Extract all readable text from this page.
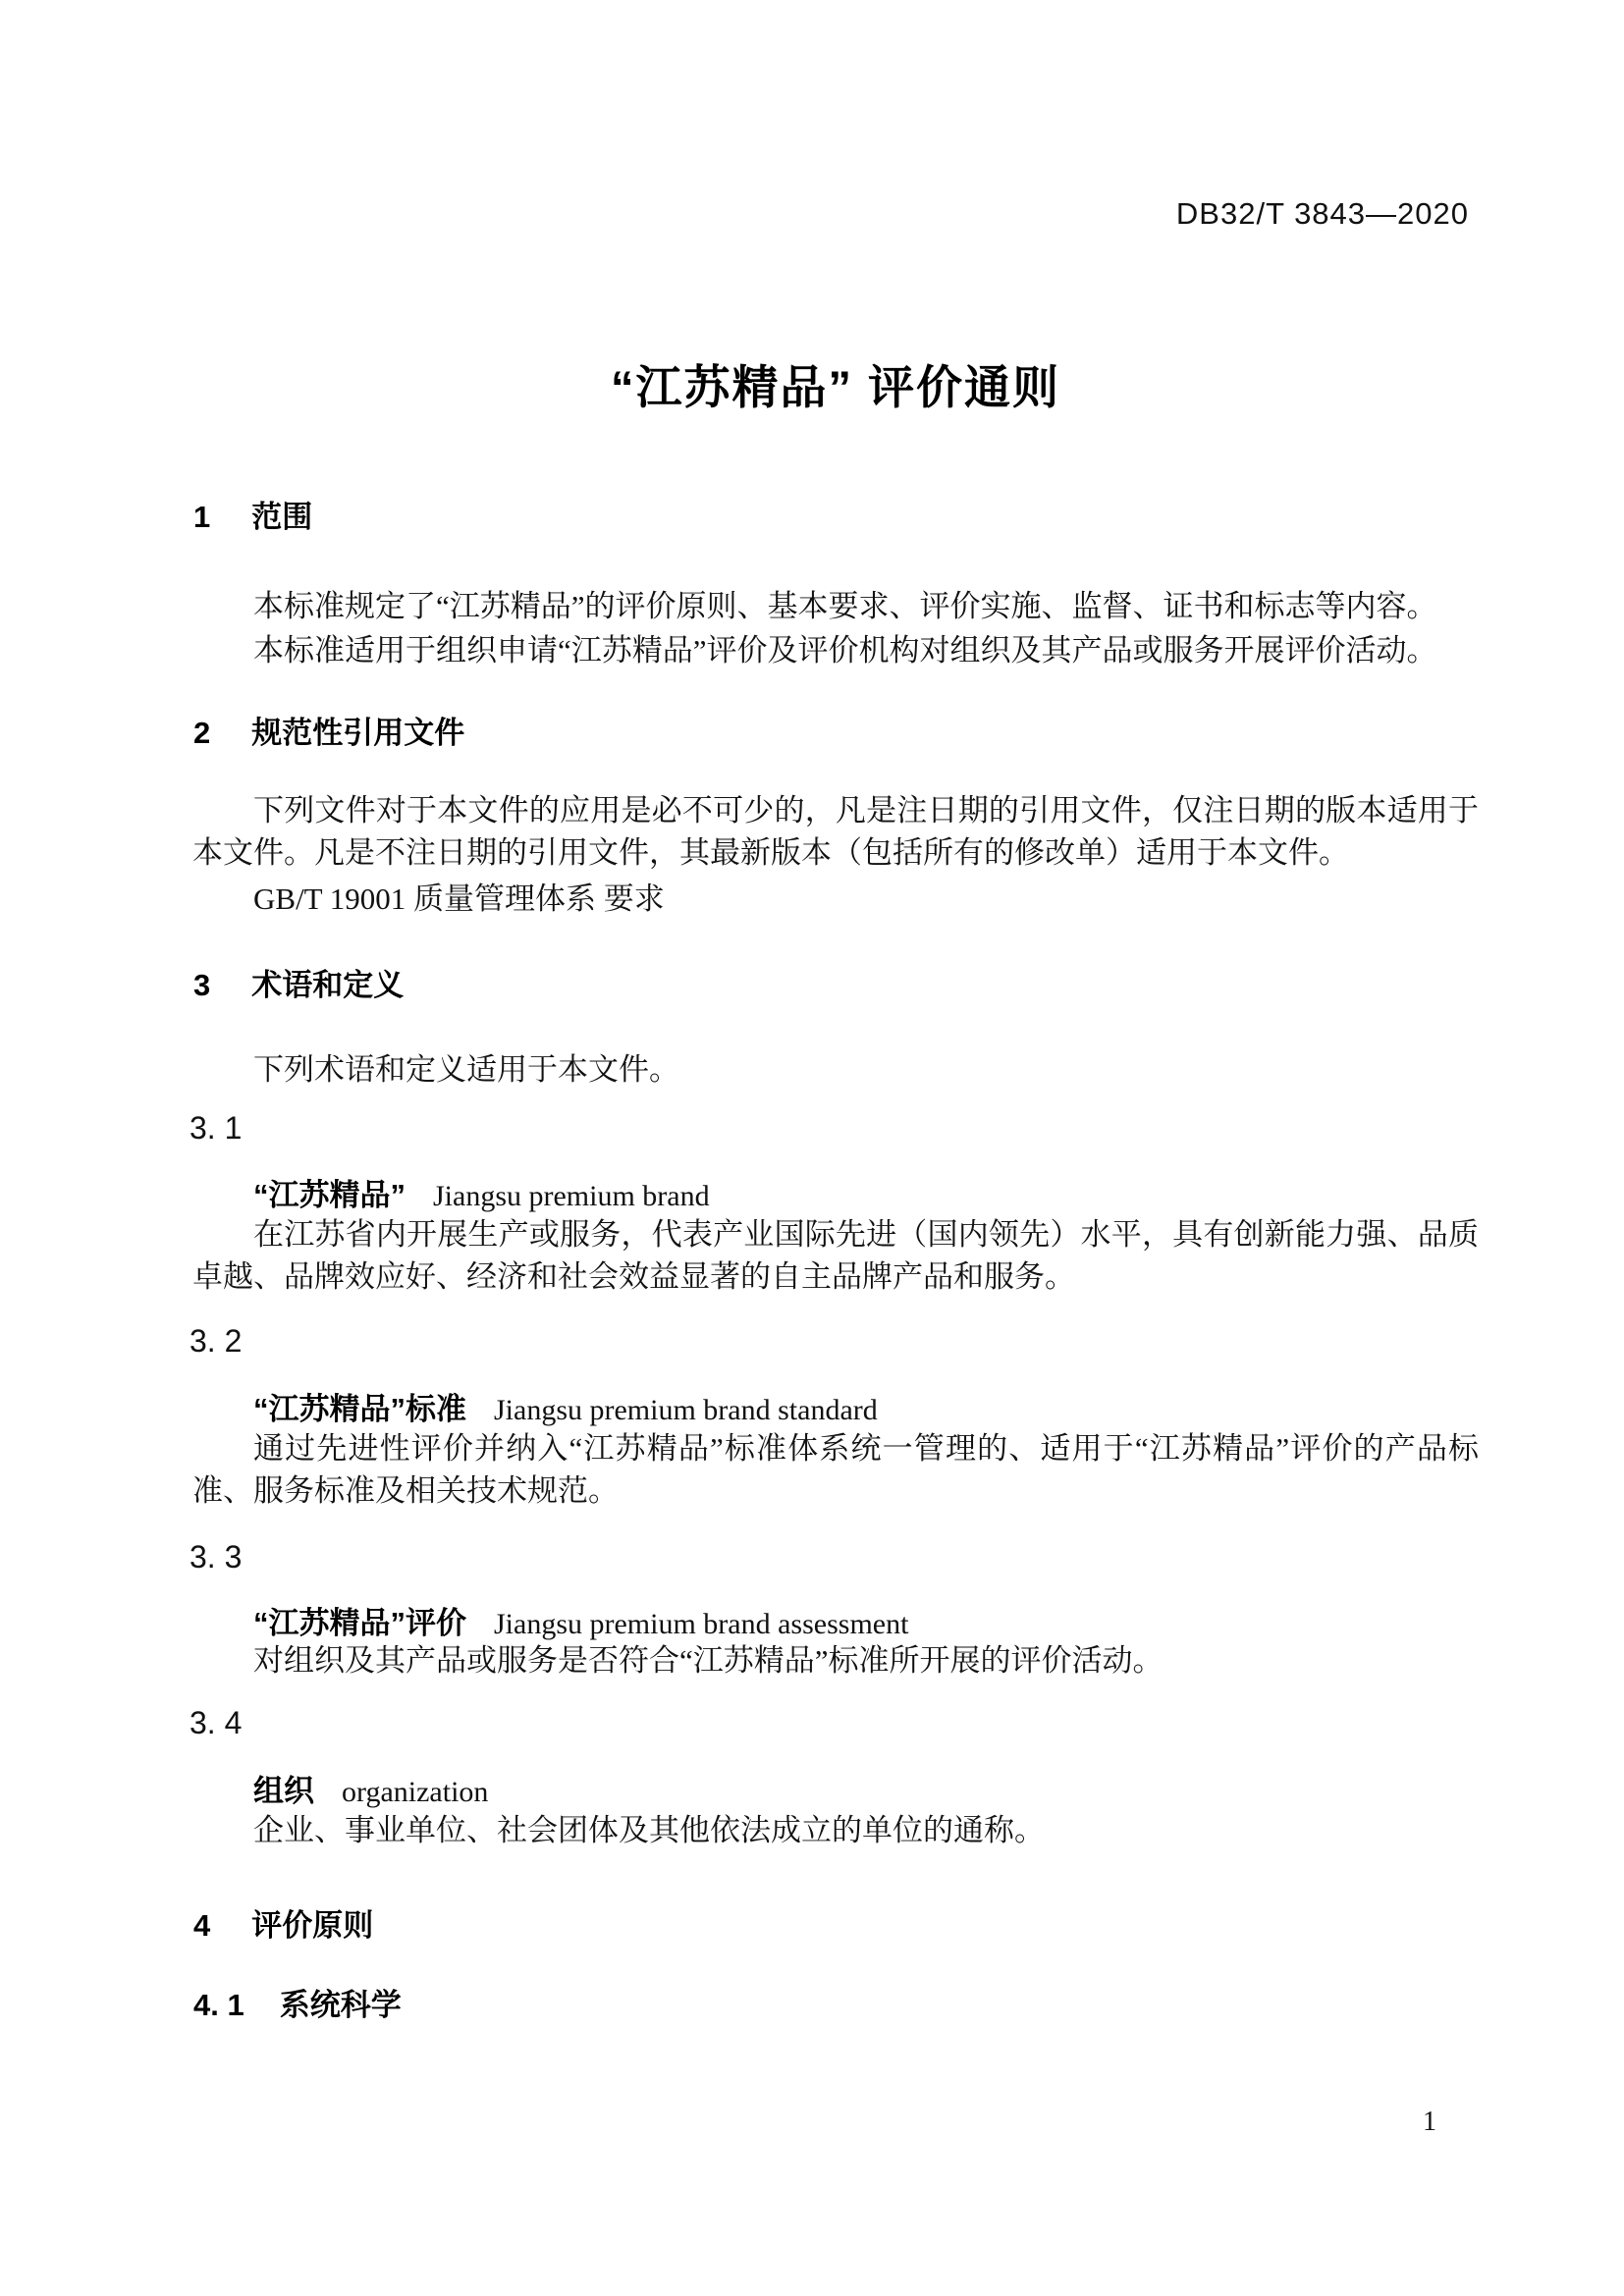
DB32/T 3843—2020
“江苏精品” 评价通则
1 范围
本标准规定了“江苏精品”的评价原则、基本要求、评价实施、监督、证书和标志等内容。
本标准适用于组织申请“江苏精品”评价及评价机构对组织及其产品或服务开展评价活动。
2 规范性引用文件
下列文件对于本文件的应用是必不可少的，凡是注日期的引用文件，仅注日期的版本适用于本文件。凡是不注日期的引用文件，其最新版本（包括所有的修改单）适用于本文件。
GB/T 19001 质量管理体系 要求
3 术语和定义
下列术语和定义适用于本文件。
3. 1
“江苏精品” Jiangsu premium brand
在江苏省内开展生产或服务，代表产业国际先进（国内领先）水平，具有创新能力强、品质卓越、品牌效应好、经济和社会效益显著的自主品牌产品和服务。
3. 2
“江苏精品”标准 Jiangsu premium brand standard
通过先进性评价并纳入“江苏精品”标准体系统一管理的、适用于“江苏精品”评价的产品标准、服务标准及相关技术规范。
3. 3
“江苏精品”评价 Jiangsu premium brand assessment
对组织及其产品或服务是否符合“江苏精品”标准所开展的评价活动。
3. 4
组织 organization
企业、事业单位、社会团体及其他依法成立的单位的通称。
4 评价原则
4. 1 系统科学
1
